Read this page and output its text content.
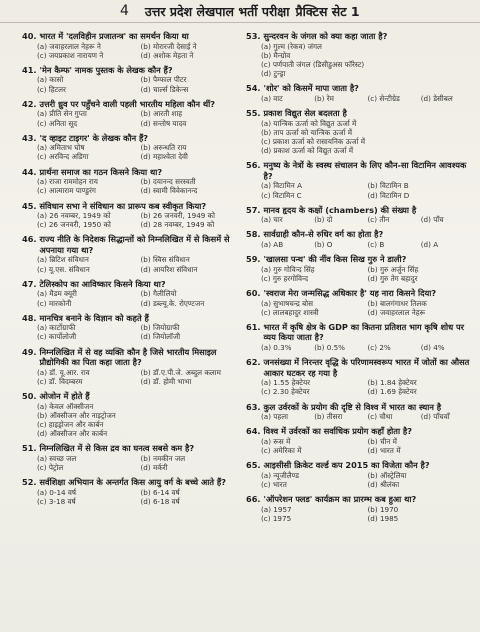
4 उत्तर प्रदेश लेखपाल भर्ती परीक्षा प्रैक्टिस सेट 1
40. भारत में 'दलविहीन प्रजातन्त्र' का समर्थन किया था
(a) जवाहरलाल नेहरू ने	(b) मोरारजी देसाई ने
(c) जयप्रकाश नारायण ने	(d) अशोक मेहता ने
41. 'मेन कैम्फ' नामक पुस्तक के लेखक कौन हैं?
(a) कासो	(b) पैम्फाल पीटर
(c) हिटलर	(d) चार्ल्स डिकेन्स
42. उत्तरी ध्रुव पर पहुँचने वाली पहली भारतीय महिला कौन थीं?
(a) प्रीति सेन गुप्ता	(b) आरती शाह
(c) अनिता सूद	(d) सन्तोष यादव
43. 'द व्हाइट टाइगर' के लेखक कौन हैं?
(a) अमिताभ घोष	(b) अरुन्धति राय
(c) अरविन्द अडिगा	(d) महाश्वेता देवी
44. प्रार्थना समाज का गठन किसने किया था?
(a) राजा राममोहन राय	(b) दयानन्द सरस्वती
(c) आत्माराम पाण्डुरंग	(d) स्वामी विवेकानन्द
45. संविधान सभा ने संविधान का प्रारूप कब स्वीकृत किया?
(a) 26 नवम्बर, 1949 को	(b) 26 जनवरी, 1949 को
(c) 26 जनवरी, 1950 को	(d) 28 नवम्बर, 1949 को
46. राज्य नीति के निदेशक सिद्धान्तों को निम्नलिखित में से किसमें से अपनाया गया था?
(a) ब्रिटिश संविधान	(b) स्विस संविधान
(c) यू.एस. संविधान	(d) आयरिश संविधान
47. टेलिस्कोप का आविष्कार किसने किया था?
(a) मैडम क्यूरी	(b) गैलीलियो
(c) मारकोनी	(d) डब्ल्यू.के. रोएण्टजन
48. मानचित्र बनाने के विज्ञान को कहते हैं
(a) कार्टोग्राफी	(b) जियोग्राफी
(c) कार्पोलोजी	(d) जियोलॉजी
49. निम्नलिखित में से वह व्यक्ति कौन है जिसे भारतीय मिसाइल प्रौद्योगिकी का पिता कहा जाता है?
(a) डॉ. यू.आर. राव	(b) डॉ.ए.पी.जे. अब्दुल कलाम
(c) डॉ. विदम्बरम	(d) डॉ. होमी भाभा
50. ओजोन में होते हैं
(a) केवल ऑक्सीजन
(b) ऑक्सीजन और नाइट्रोजन
(c) हाइड्रोजन और कार्बन
(d) ऑक्सीजन और कार्बन
51. निम्नलिखित में से किस द्रव का घनत्व सबसे कम है?
(a) स्वच्छ जल	(b) नमकीन जल
(c) पेट्रोल	(d) मर्करी
52. सर्वशिक्षा अभियान के अन्तर्गत किस आयु वर्ग के बच्चे आते हैं?
(a) 0-14 वर्ष	(b) 6-14 वर्ष
(c) 3-18 वर्ष	(d) 6-18 वर्ष
53. सुन्दरवन के जंगल को क्या कहा जाता है?
(a) गुल्म (रेकव) जंगल
(b) मैन्ग्रोव
(c) पर्णपाती जंगल (डिसीडुअस फॉरेस्ट)
(d) टुन्ड्रा
54. 'शोर' को किसमें मापा जाता है?
(a) वाट	(b) रेम	(c) सेन्टीग्रेड	(d) डेसीबल
55. प्रकाश विद्युत सेल बदलता है
(a) यान्त्रिक ऊर्जा को विद्युत ऊर्जा में
(b) ताप ऊर्जा को यान्त्रिक ऊर्जा में
(c) प्रकाश ऊर्जा को रासायनिक ऊर्जा में
(d) प्रकाश ऊर्जा को विद्युत ऊर्जा में
56. मनुष्य के नेत्रों के स्वस्थ संचालन के लिए कौन-सा विटामिन आवश्यक है?
(a) विटामिन A	(b) विटामिन B
(c) विटामिन C	(d) विटामिन D
57. मानव हृदय के कक्षों (chambers) की संख्या है
(a) चार	(b) दो	(c) तीन	(d) पाँच
58. सार्वग्राही कौन-से रुधिर वर्ग का होता है?
(a) AB	(b) O	(c) B	(d) A
59. 'खालसा पन्थ' की नींव किस सिख गुरु ने डाली?
(a) गुरु गोविन्द सिंह	(b) गुरु अर्जुन सिंह
(c) गुरु हरगोविन्द	(d) गुरु तेग बहादुर
60. 'स्वराज मेरा जन्मसिद्ध अधिकार है' यह नारा किसने दिया?
(a) सुभाषचन्द्र बोस	(b) बालगंगाधर तिलक
(c) लालबहादुर शास्त्री	(d) जवाहरलाल नेहरू
61. भारत में कृषि क्षेत्र के GDP का कितना प्रतिशत भाग कृषि शोध पर व्यय किया जाता है?
(a) 0.3%	(b) 0.5%	(c) 2%	(d) 4%
62. जनसंख्या में निरन्तर वृद्धि के परिणामस्वरूप भारत में जोतों का औसत आकार घटकर रह गया है
(a) 1.55 हेक्टेयर	(b) 1.84 हेक्टेयर
(c) 2.30 हेक्टेयर	(d) 1.69 हेक्टेयर
63. कुल उर्वरकों के प्रयोग की दृष्टि से विश्व में भारत का स्थान है
(a) पहला	(b) तीसरा	(c) चौथा	(d) पाँचवाँ
64. विश्व में उर्वरकों का सर्वाधिक प्रयोग कहाँ होता है?
(a) रूस में	(b) चीन में
(c) अमेरिका में	(d) भारत में
65. आइसीसी क्रिकेट वर्ल्ड कप 2015 का विजेता कौन है?
(a) न्यूजीलैण्ड	(b) ऑस्ट्रेलिया
(c) भारत	(d) श्रीलंका
66. 'ऑपरेशन फ्लड' कार्यक्रम का प्रारम्भ कब हुआ था?
(a) 1957	(b) 1970
(c) 1975	(d) 1985
